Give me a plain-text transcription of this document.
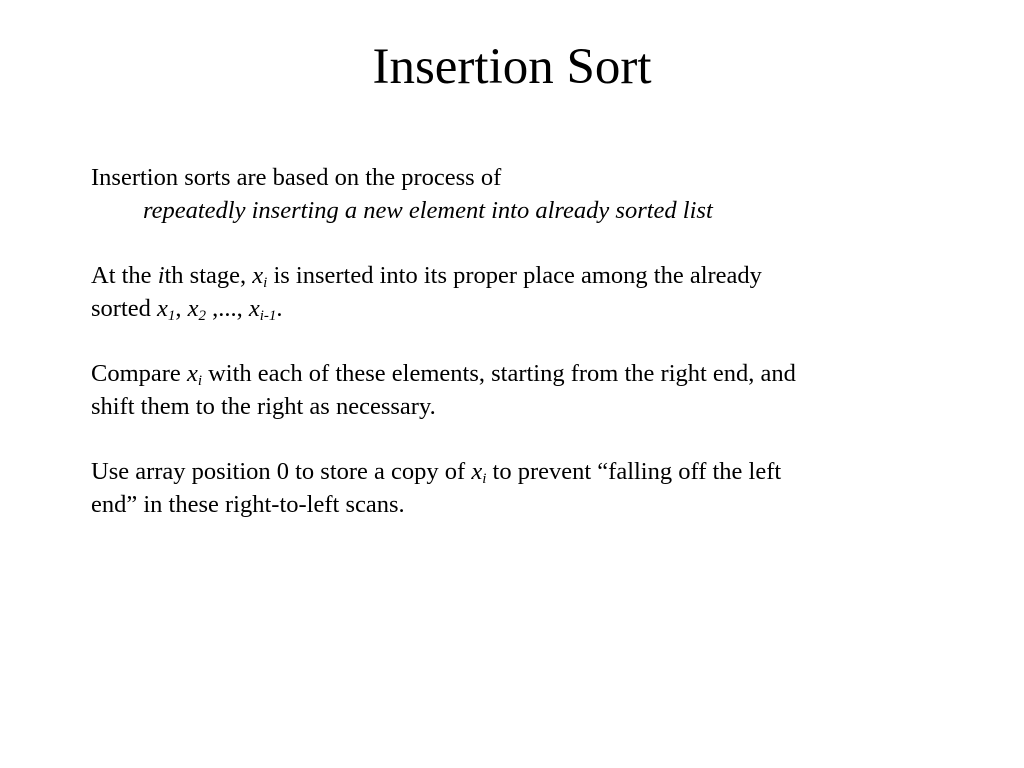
Insertion Sort

Insertion sorts are based on the process of
repeatedly inserting a new element into already sorted list

At the ith stage, $x_i$ is inserted into its proper place among the already
sorted $x_1$, $x_2$ ,..., $x_{i-1}$.

Compare $x_i$ with each of these elements, starting from the right end, and
shift them to the right as necessary.

Use array position 0 to store a copy of $x_i$ to prevent “falling off the left
end” in these right-to-left scans.
